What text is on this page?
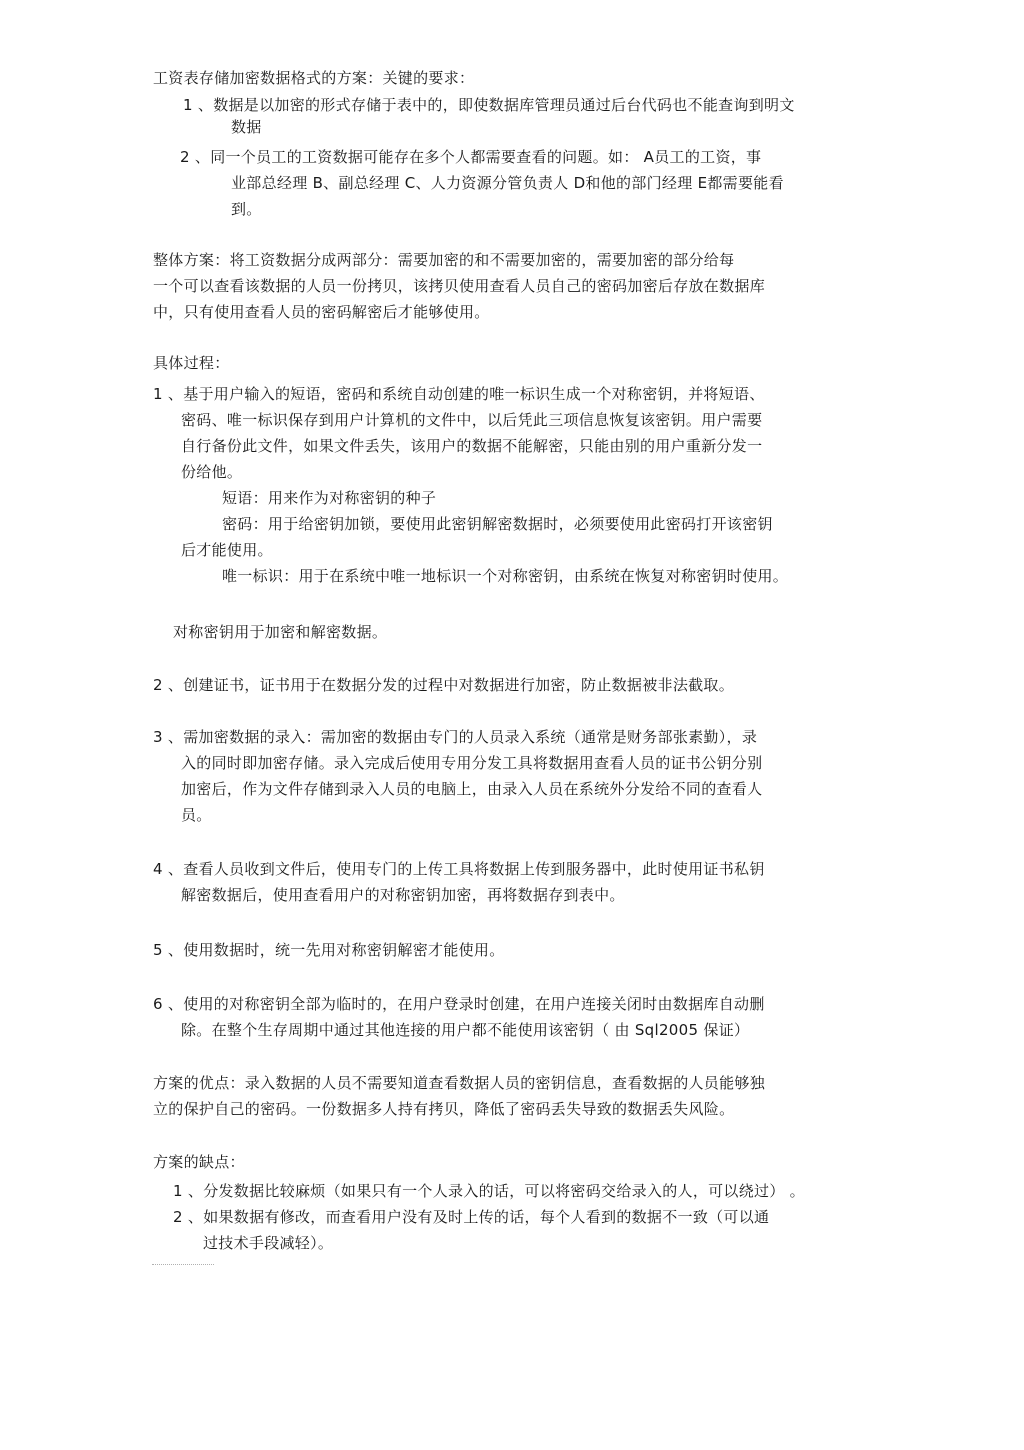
工资表存储加密数据格式的方案：关键的要求：
1 、数据是以加密的形式存储于表中的，即使数据库管理员通过后台代码也不能查询到明文
数据
2 、同一个员工的工资数据可能存在多个人都需要查看的问题。如： A员工的工资，事
业部总经理 B、副总经理 C、人力资源分管负责人 D和他的部门经理 E都需要能看
到。
整体方案：将工资数据分成两部分：需要加密的和不需要加密的，需要加密的部分给每
一个可以查看该数据的人员一份拷贝，该拷贝使用查看人员自己的密码加密后存放在数据库
中，只有使用查看人员的密码解密后才能够使用。
具体过程：
1 、基于用户输入的短语，密码和系统自动创建的唯一标识生成一个对称密钥，并将短语、
密码、唯一标识保存到用户计算机的文件中，以后凭此三项信息恢复该密钥。用户需要
自行备份此文件，如果文件丢失，该用户的数据不能解密，只能由别的用户重新分发一
份给他。
短语：用来作为对称密钥的种子
密码：用于给密钥加锁，要使用此密钥解密数据时，必须要使用此密码打开该密钥
后才能使用。
唯一标识：用于在系统中唯一地标识一个对称密钥，由系统在恢复对称密钥时使用。
对称密钥用于加密和解密数据。
2 、创建证书，证书用于在数据分发的过程中对数据进行加密，防止数据被非法截取。
3 、需加密数据的录入：需加密的数据由专门的人员录入系统（通常是财务部张素勤），录
入的同时即加密存储。录入完成后使用专用分发工具将数据用查看人员的证书公钥分别
加密后，作为文件存储到录入人员的电脑上，由录入人员在系统外分发给不同的查看人
员。
4 、查看人员收到文件后，使用专门的上传工具将数据上传到服务器中，此时使用证书私钥
解密数据后，使用查看用户的对称密钥加密，再将数据存到表中。
5 、使用数据时，统一先用对称密钥解密才能使用。
6 、使用的对称密钥全部为临时的，在用户登录时创建，在用户连接关闭时由数据库自动删
除。在整个生存周期中通过其他连接的用户都不能使用该密钥（ 由 Sql2005 保证）
方案的优点：录入数据的人员不需要知道查看数据人员的密钥信息，查看数据的人员能够独
立的保护自己的密码。一份数据多人持有拷贝，降低了密码丢失导致的数据丢失风险。
方案的缺点：
1 、分发数据比较麻烦（如果只有一个人录入的话，可以将密码交给录入的人，可以绕过） 。
2 、如果数据有修改，而查看用户没有及时上传的话，每个人看到的数据不一致（可以通
过技术手段减轻）。
